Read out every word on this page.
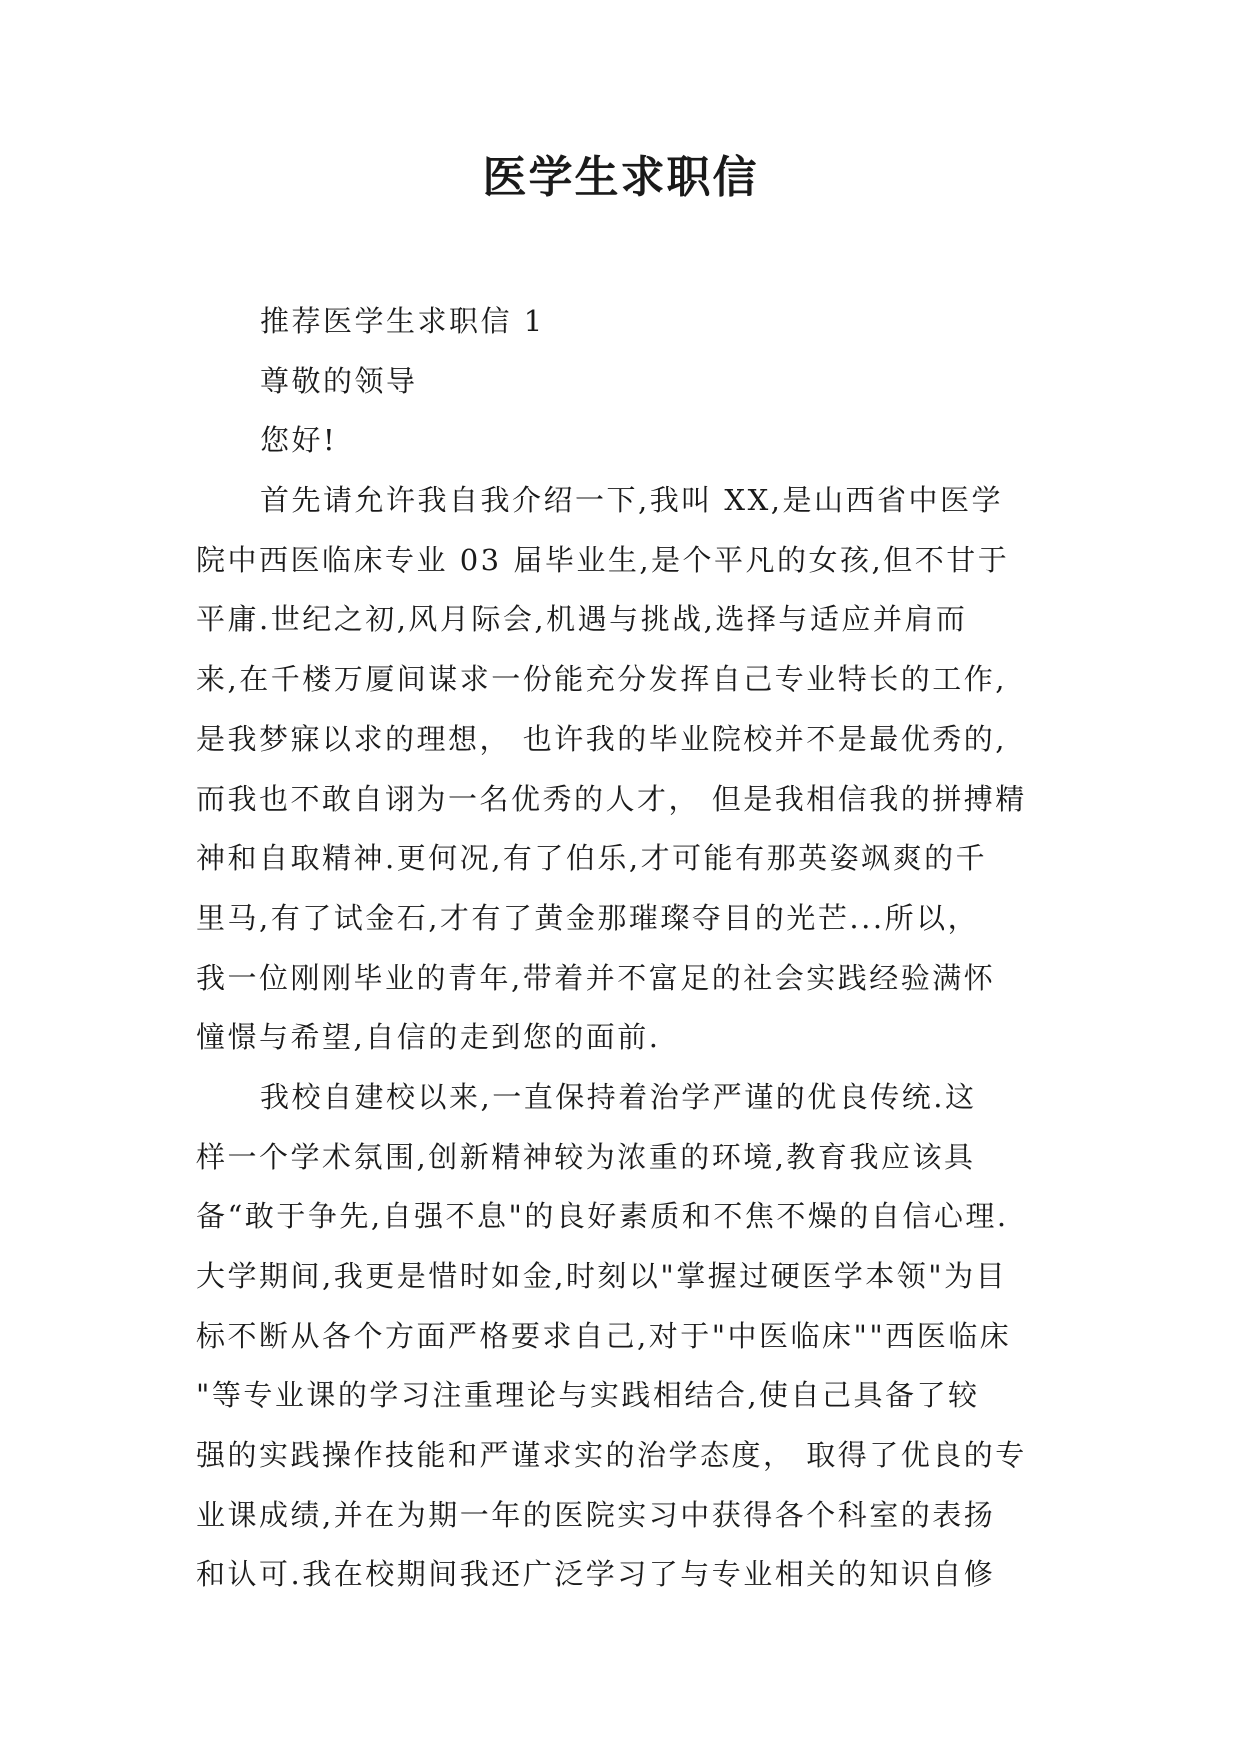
医学生求职信
推荐医学生求职信 1
尊敬的领导
您好!
首先请允许我自我介绍一下,我叫 XX,是山西省中医学
院中西医临床专业 03 届毕业生,是个平凡的女孩,但不甘于
平庸.世纪之初,风月际会,机遇与挑战,选择与适应并肩而
来,在千楼万厦间谋求一份能充分发挥自己专业特长的工作,
是我梦寐以求的理想， 也许我的毕业院校并不是最优秀的,
而我也不敢自诩为一名优秀的人才， 但是我相信我的拼搏精
神和自取精神.更何况,有了伯乐,才可能有那英姿飒爽的千
里马,有了试金石,才有了黄金那璀璨夺目的光芒...所以，
我一位刚刚毕业的青年,带着并不富足的社会实践经验满怀
憧憬与希望,自信的走到您的面前.
我校自建校以来,一直保持着治学严谨的优良传统.这
样一个学术氛围,创新精神较为浓重的环境,教育我应该具
备“敢于争先,自强不息"的良好素质和不焦不燥的自信心理.
大学期间,我更是惜时如金,时刻以"掌握过硬医学本领"为目
标不断从各个方面严格要求自己,对于"中医临床""西医临床
"等专业课的学习注重理论与实践相结合,使自己具备了较
强的实践操作技能和严谨求实的治学态度， 取得了优良的专
业课成绩,并在为期一年的医院实习中获得各个科室的表扬
和认可.我在校期间我还广泛学习了与专业相关的知识自修
